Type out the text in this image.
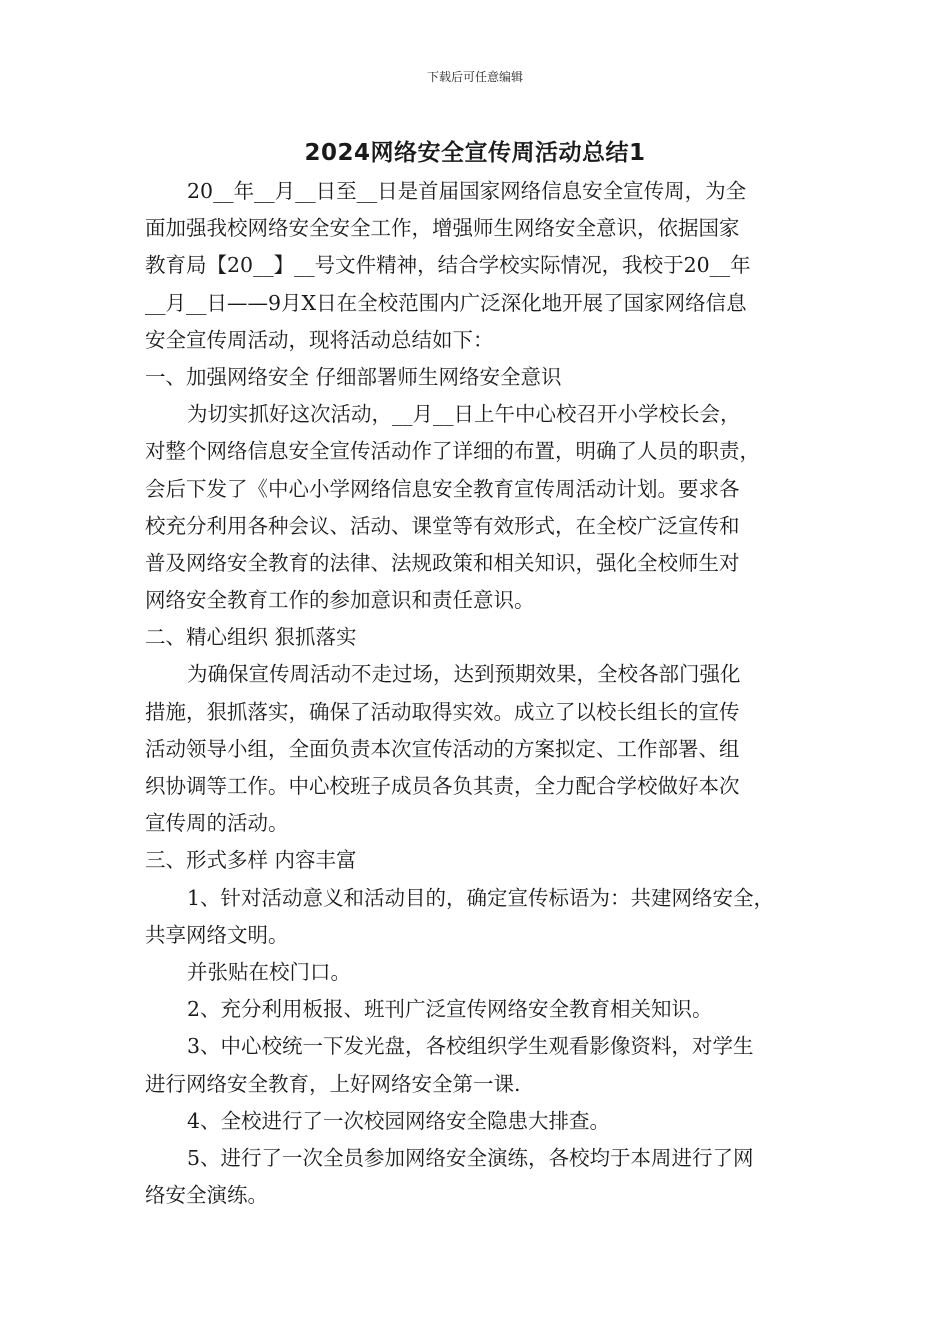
下载后可任意编辑
2024网络安全宣传周活动总结1
20__年__月__日至__日是首届国家网络信息安全宣传周，为全
面加强我校网络安全安全工作，增强师生网络安全意识，依据国家
教育局【20__】__号文件精神，结合学校实际情况，我校于20__年
__月__日——9月X日在全校范围内广泛深化地开展了国家网络信息
安全宣传周活动，现将活动总结如下：
一、加强网络安全 仔细部署师生网络安全意识
为切实抓好这次活动，__月__日上午中心校召开小学校长会，
对整个网络信息安全宣传活动作了详细的布置，明确了人员的职责，
会后下发了《中心小学网络信息安全教育宣传周活动计划。要求各
校充分利用各种会议、活动、课堂等有效形式，在全校广泛宣传和
普及网络安全教育的法律、法规政策和相关知识，强化全校师生对
网络安全教育工作的参加意识和责任意识。
二、精心组织 狠抓落实
为确保宣传周活动不走过场，达到预期效果，全校各部门强化
措施，狠抓落实，确保了活动取得实效。成立了以校长组长的宣传
活动领导小组，全面负责本次宣传活动的方案拟定、工作部署、组
织协调等工作。中心校班子成员各负其责，全力配合学校做好本次
宣传周的活动。
三、形式多样 内容丰富
1、针对活动意义和活动目的，确定宣传标语为：共建网络安全，
共享网络文明。
并张贴在校门口。
2、充分利用板报、班刊广泛宣传网络安全教育相关知识。
3、中心校统一下发光盘，各校组织学生观看影像资料，对学生
进行网络安全教育，上好网络安全第一课.
4、全校进行了一次校园网络安全隐患大排查。
5、进行了一次全员参加网络安全演练，各校均于本周进行了网
络安全演练。
